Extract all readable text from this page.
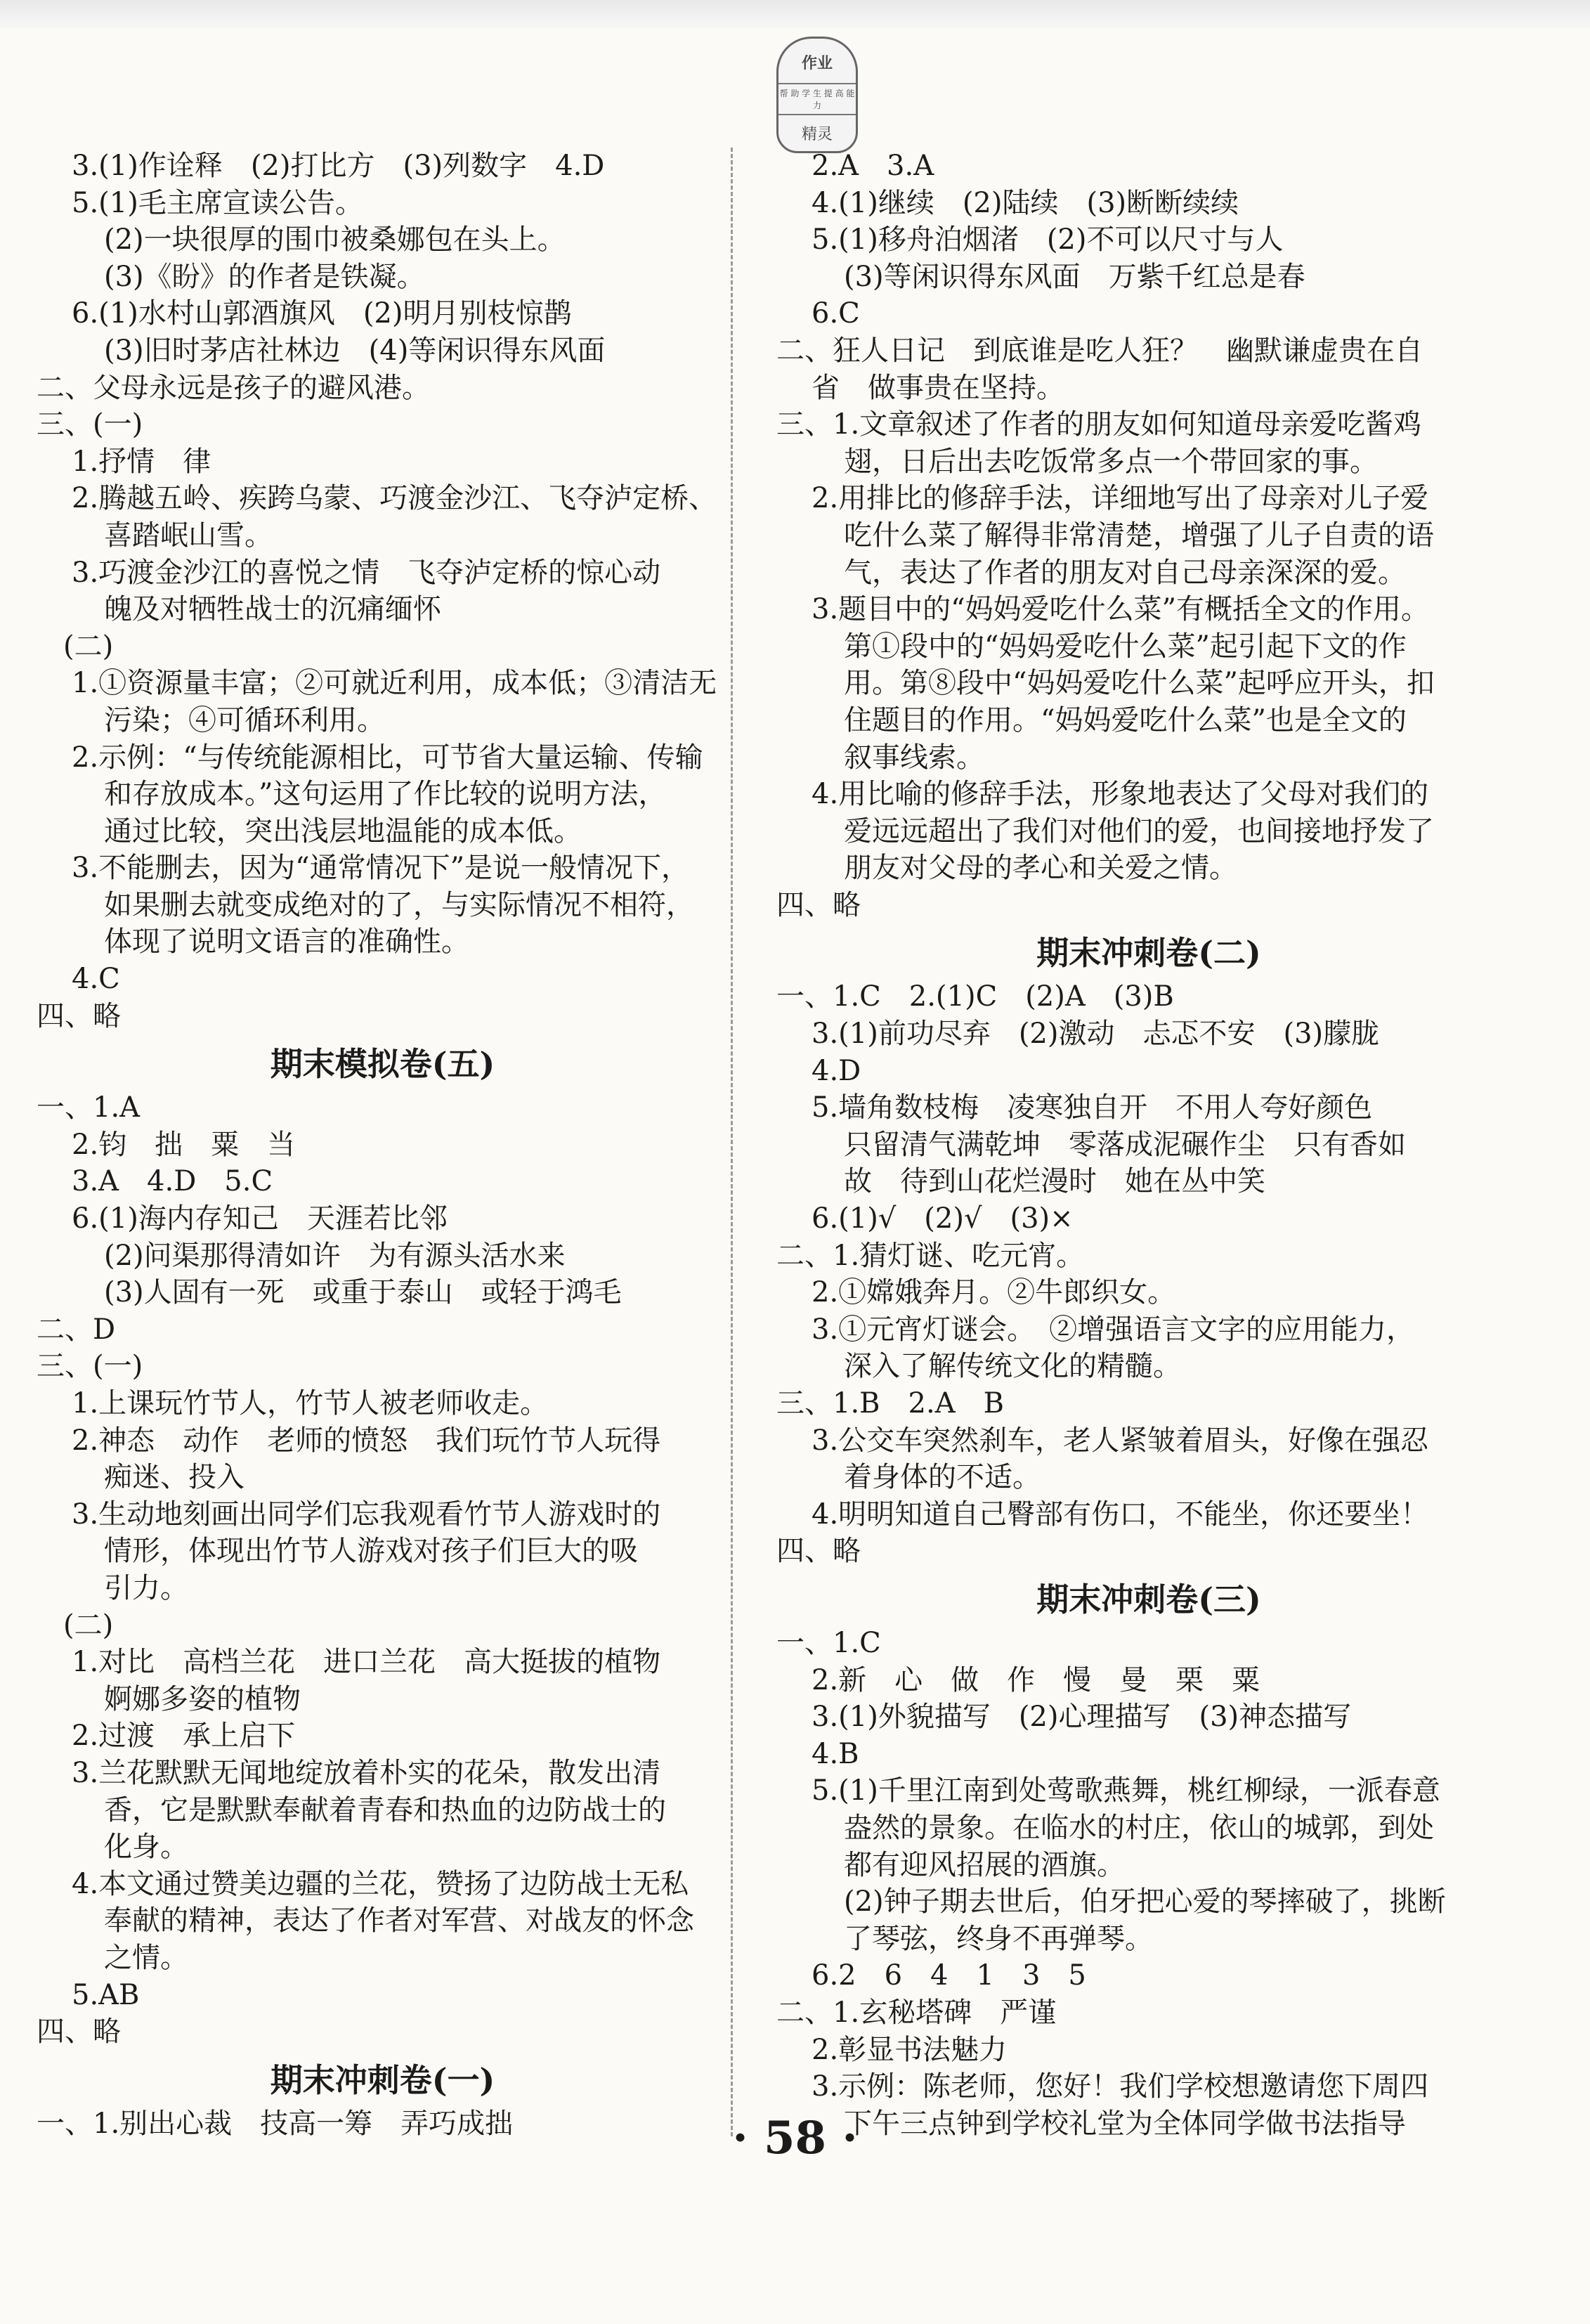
作业
帮 助 学 生 提 高 能 力
精灵
3.(1)作诠释　(2)打比方　(3)列数字　4.D
5.(1)毛主席宣读公告。
(2)一块很厚的围巾被桑娜包在头上。
(3)《盼》的作者是铁凝。
6.(1)水村山郭酒旗风　(2)明月别枝惊鹊
(3)旧时茅店社林边　(4)等闲识得东风面
二、父母永远是孩子的避风港。
三、(一)
1.抒情　律
2.腾越五岭、疾跨乌蒙、巧渡金沙江、飞夺泸定桥、
喜踏岷山雪。
3.巧渡金沙江的喜悦之情　飞夺泸定桥的惊心动
魄及对牺牲战士的沉痛缅怀
(二)
1.①资源量丰富；②可就近利用，成本低；③清洁无
污染；④可循环利用。
2.示例：“与传统能源相比，可节省大量运输、传输
和存放成本。”这句运用了作比较的说明方法，
通过比较，突出浅层地温能的成本低。
3.不能删去，因为“通常情况下”是说一般情况下，
如果删去就变成绝对的了，与实际情况不相符，
体现了说明文语言的准确性。
4.C
四、略
期末模拟卷(五)
一、1.A
2.钧　拙　粟　当
3.A　4.D　5.C
6.(1)海内存知己　天涯若比邻
(2)问渠那得清如许　为有源头活水来
(3)人固有一死　或重于泰山　或轻于鸿毛
二、D
三、(一)
1.上课玩竹节人，竹节人被老师收走。
2.神态　动作　老师的愤怒　我们玩竹节人玩得
痴迷、投入
3.生动地刻画出同学们忘我观看竹节人游戏时的
情形，体现出竹节人游戏对孩子们巨大的吸
引力。
(二)
1.对比　高档兰花　进口兰花　高大挺拔的植物
婀娜多姿的植物
2.过渡　承上启下
3.兰花默默无闻地绽放着朴实的花朵，散发出清
香，它是默默奉献着青春和热血的边防战士的
化身。
4.本文通过赞美边疆的兰花，赞扬了边防战士无私
奉献的精神，表达了作者对军营、对战友的怀念
之情。
5.AB
四、略
期末冲刺卷(一)
一、1.别出心裁　技高一筹　弄巧成拙
2.A　3.A
4.(1)继续　(2)陆续　(3)断断续续
5.(1)移舟泊烟渚　(2)不可以尺寸与人
(3)等闲识得东风面　万紫千红总是春
6.C
二、狂人日记　到底谁是吃人狂？　幽默谦虚贵在自
省　做事贵在坚持。
三、1.文章叙述了作者的朋友如何知道母亲爱吃酱鸡
翅，日后出去吃饭常多点一个带回家的事。
2.用排比的修辞手法，详细地写出了母亲对儿子爱
吃什么菜了解得非常清楚，增强了儿子自责的语
气，表达了作者的朋友对自己母亲深深的爱。
3.题目中的“妈妈爱吃什么菜”有概括全文的作用。
第①段中的“妈妈爱吃什么菜”起引起下文的作
用。第⑧段中“妈妈爱吃什么菜”起呼应开头，扣
住题目的作用。“妈妈爱吃什么菜”也是全文的
叙事线索。
4.用比喻的修辞手法，形象地表达了父母对我们的
爱远远超出了我们对他们的爱，也间接地抒发了
朋友对父母的孝心和关爱之情。
四、略
期末冲刺卷(二)
一、1.C　2.(1)C　(2)A　(3)B
3.(1)前功尽弃　(2)激动　忐忑不安　(3)朦胧
4.D
5.墙角数枝梅　凌寒独自开　不用人夸好颜色
只留清气满乾坤　零落成泥碾作尘　只有香如
故　待到山花烂漫时　她在丛中笑
6.(1)√　(2)√　(3)×
二、1.猜灯谜、吃元宵。
2.①嫦娥奔月。②牛郎织女。
3.①元宵灯谜会。　②增强语言文字的应用能力，
深入了解传统文化的精髓。
三、1.B　2.A　B
3.公交车突然刹车，老人紧皱着眉头，好像在强忍
着身体的不适。
4.明明知道自己臀部有伤口，不能坐，你还要坐！
四、略
期末冲刺卷(三)
一、1.C
2.新　心　做　作　慢　曼　栗　粟
3.(1)外貌描写　(2)心理描写　(3)神态描写
4.B
5.(1)千里江南到处莺歌燕舞，桃红柳绿，一派春意
盎然的景象。在临水的村庄，依山的城郭，到处
都有迎风招展的酒旗。
(2)钟子期去世后，伯牙把心爱的琴摔破了，挑断
了琴弦，终身不再弹琴。
6.2　6　4　1　3　5
二、1.玄秘塔碑　严谨
2.彰显书法魅力
3.示例：陈老师，您好！我们学校想邀请您下周四
下午三点钟到学校礼堂为全体同学做书法指导
· 58 ·
